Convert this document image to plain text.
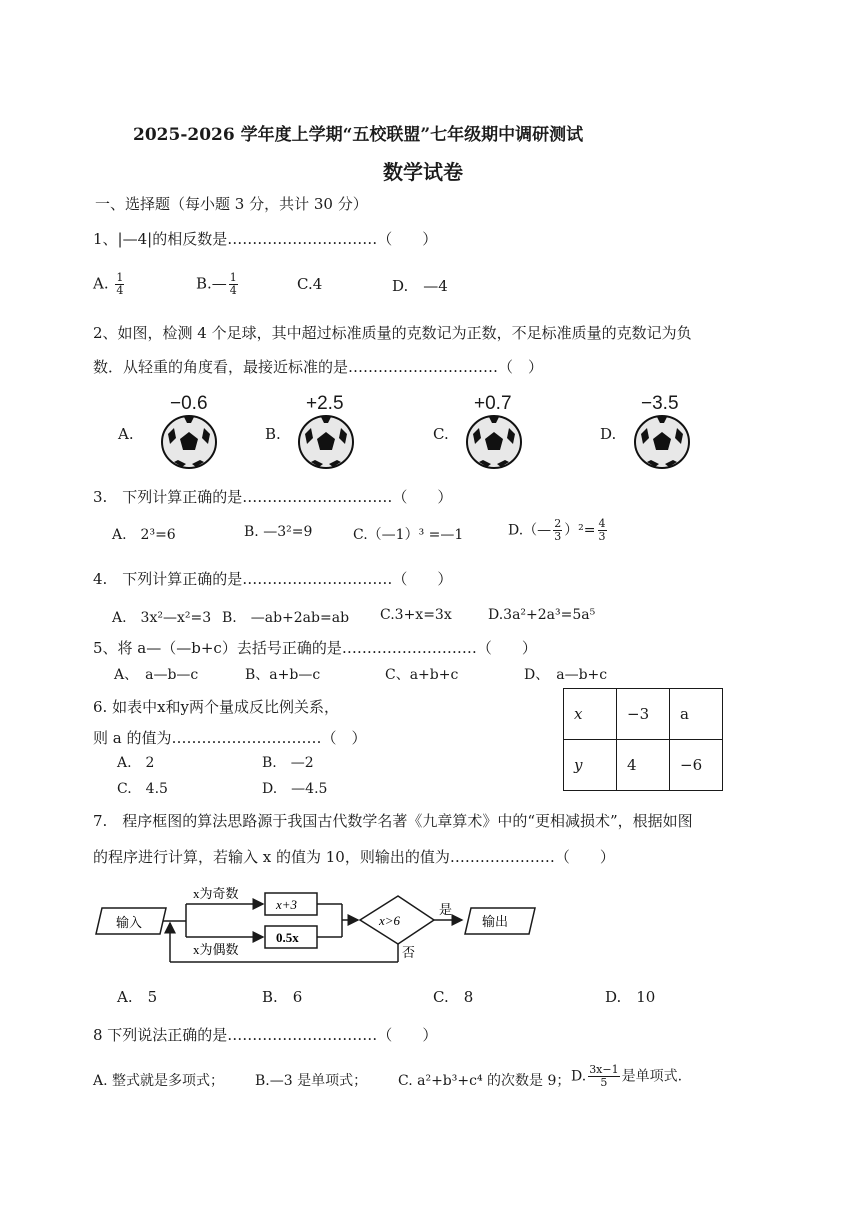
2025-2026 学年度上学期“五校联盟”七年级期中调研测试
数学试卷
一、选择题（每小题 3 分，共计 30 分）
1、|—4|的相反数是…………………………（　　）
A. $\frac{1}{4}$	B.— $\frac{1}{4}$	C.4	D.　—4
2、如图，检测 4 个足球，其中超过标准质量的克数记为正数，不足标准质量的克数记为负
数．从轻重的角度看，最接近标准的是…………………………（　）
−0.6
A.
+2.5
B.
+0.7
C.
−3.5
D.
3.　下列计算正确的是…………………………（　　）
A.　2³=6	B. —3²=9	C.（—1）³ =—1	D.（— $\frac{2}{3} )^2= \frac{4}{3}$
4.　下列计算正确的是…………………………（　　）
A.　3x²—x²=3 B.　—ab+2ab=ab C.3+x=3x	D.3a²+2a³=5a⁵
5、将 a—（—b+c）去括号正确的是………………………（　　）
A、　a—b—c	B、a+b—c	C、a+b+c	D、　a—b+c
6. 如表中x和y两个量成反比例关系，
则 a 的值为…………………………（　）
A.　2	B.　—2
C.　4.5	D.　—4.5
x	−3	a
y	4	−6
7.　程序框图的算法思路源于我国古代数学名著《九章算术》中的“更相减损术”，根据如图
的程序进行计算，若输入 x 的值为 10，则输出的值为…………………（　　）
输入
x为奇数
x为偶数
x+3
0.5x
x>6
是
否
输出
A.　5	B.　6	C.　8	D.　10
8 下列说法正确的是…………………………（　　）
A. 整式就是多项式； B.—3 是单项式； C. a²+b³+c⁴ 的次数是 9； D. $\frac{3x-1}{5}$ 是单项式.
